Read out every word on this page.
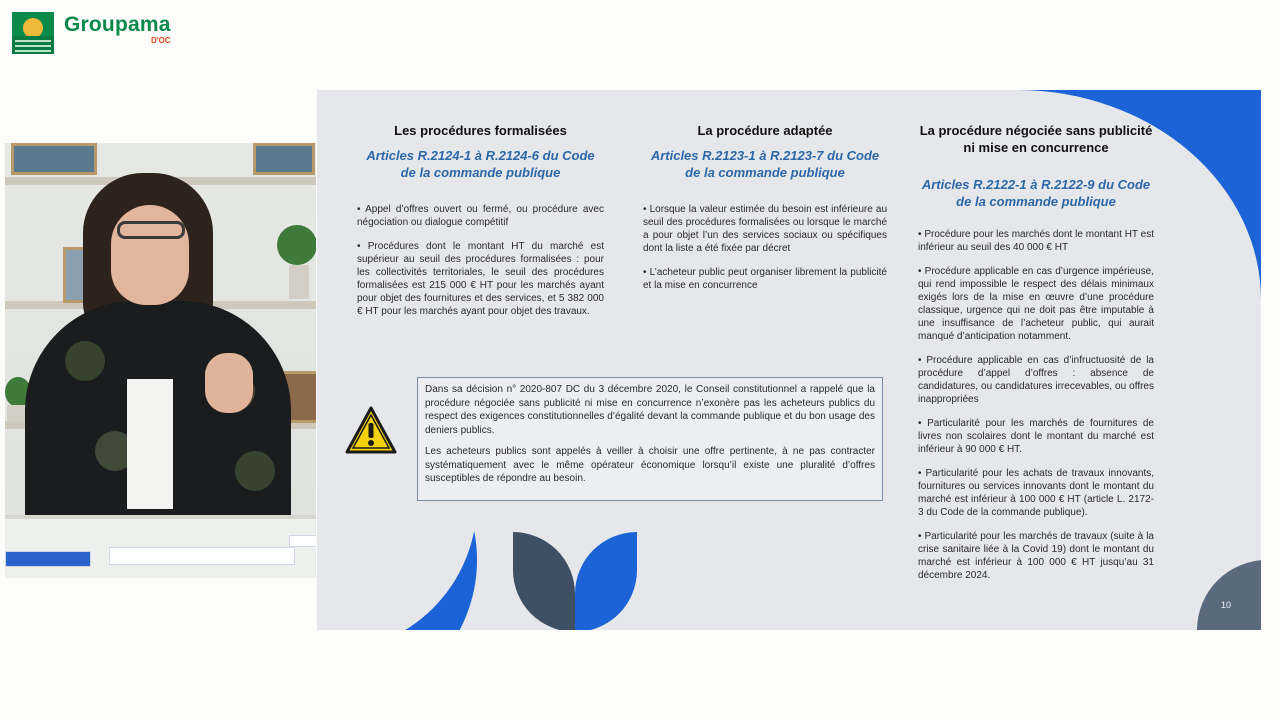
Groupama
D'OC
Les procédures formalisées
Articles R.2124-1 à R.2124-6 du Code de la commande publique
• Appel d’offres ouvert ou fermé, ou procédure avec négociation ou dialogue compétitif
• Procédures dont le montant HT du marché est supérieur au seuil des procédures formalisées : pour les collectivités territoriales, le seuil des procédures formalisées est 215 000 € HT pour les marchés ayant pour objet des fournitures et des services, et 5 382 000 € HT pour les marchés ayant pour objet des travaux.
La procédure adaptée
Articles R.2123-1 à R.2123-7 du Code de la commande publique
• Lorsque la valeur estimée du besoin est inférieure au seuil des procédures formalisées ou lorsque le marché a pour objet l’un des services sociaux ou spécifiques dont la liste a été fixée par décret
• L’acheteur public peut organiser librement la publicité et la mise en concurrence
La procédure négociée sans publicité ni mise en concurrence
Articles R.2122-1 à R.2122-9 du Code de la commande publique
• Procédure pour les marchés dont le montant HT est inférieur au seuil des 40 000 € HT
• Procédure applicable en cas d’urgence impérieuse, qui rend impossible le respect des délais minimaux exigés lors de la mise en œuvre d’une procédure classique, urgence qui ne doit pas être imputable à une insuffisance de l’acheteur public, qui aurait manqué d’anticipation notamment.
• Procédure applicable en cas d’infructuosité de la procédure d’appel d’offres : absence de candidatures, ou candidatures irrecevables, ou offres inappropriées
• Particularité pour les marchés de fournitures de livres non scolaires dont le montant du marché est inférieur à 90 000 € HT.
• Particularité pour les achats de travaux innovants, fournitures ou services innovants dont le montant du marché est inférieur à 100 000 € HT (article L. 2172-3 du Code de la commande publique).
• Particularité pour les marchés de travaux (suite à la crise sanitaire liée à la Covid 19) dont le montant du marché est inférieur à 100 000 € HT jusqu’au 31 décembre 2024.

Dans sa décision n° 2020-807 DC du 3 décembre 2020, le Conseil constitutionnel a rappelé que la procédure négociée sans publicité ni mise en concurrence n’exonère pas les acheteurs publics du respect des exigences constitutionnelles d’égalité devant la commande publique et du bon usage des deniers publics.

Les acheteurs publics sont appelés à veiller à choisir une offre pertinente, à ne pas contracter systématiquement avec le même opérateur économique lorsqu’il existe une pluralité d’offres susceptibles de répondre au besoin.

10
